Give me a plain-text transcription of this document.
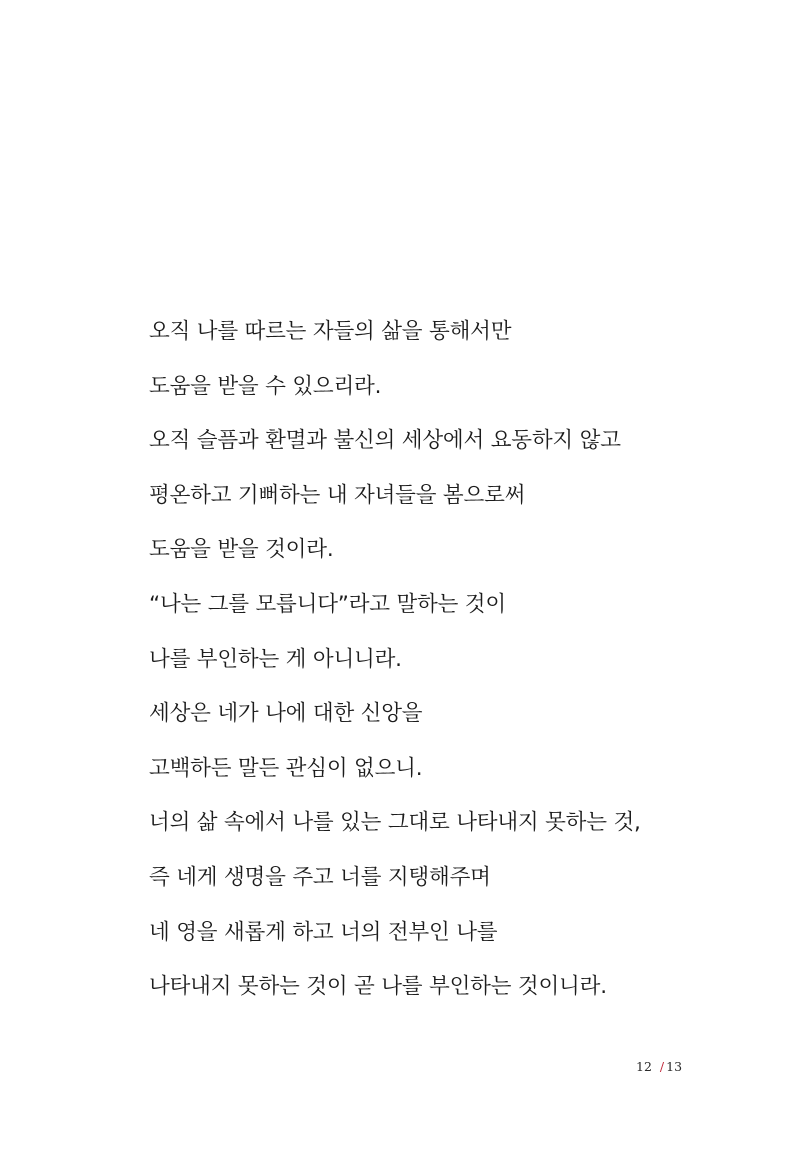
오직 나를 따르는 자들의 삶을 통해서만
도움을 받을 수 있으리라.
오직 슬픔과 환멸과 불신의 세상에서 요동하지 않고
평온하고 기뻐하는 내 자녀들을 봄으로써
도움을 받을 것이라.
“나는 그를 모릅니다”라고 말하는 것이
나를 부인하는 게 아니니라.
세상은 네가 나에 대한 신앙을
고백하든 말든 관심이 없으니.
너의 삶 속에서 나를 있는 그대로 나타내지 못하는 것,
즉 네게 생명을 주고 너를 지탱해주며
네 영을 새롭게 하고 너의 전부인 나를
나타내지 못하는 것이 곧 나를 부인하는 것이니라.
12 / 13
